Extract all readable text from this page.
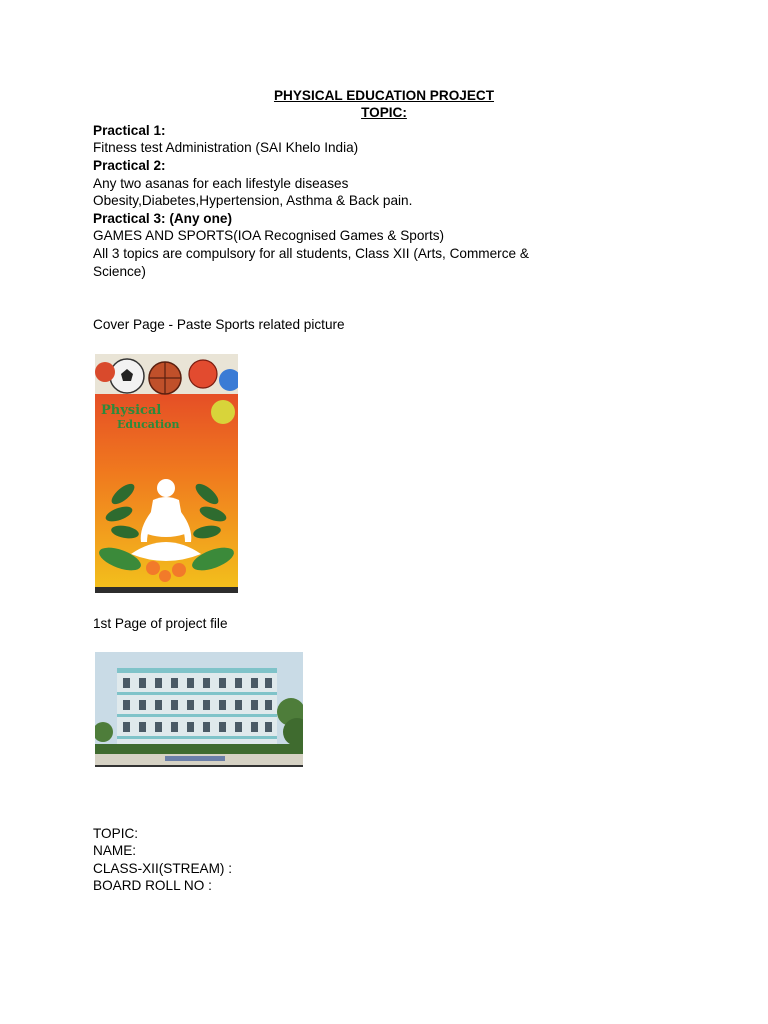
PHYSICAL EDUCATION PROJECT
TOPIC:
Practical 1:
Fitness test Administration (SAI Khelo India)
Practical 2:
Any two asanas for each lifestyle diseases
Obesity,Diabetes,Hypertension, Asthma & Back pain.
Practical 3: (Any one)
GAMES AND SPORTS(IOA Recognised Games & Sports)
All 3 topics are compulsory for all students, Class XII (Arts, Commerce &
Science)
Cover Page - Paste Sports related picture
Physical
Education
1st Page of project file
TOPIC:
NAME:
CLASS-XII(STREAM) :
BOARD ROLL NO :
